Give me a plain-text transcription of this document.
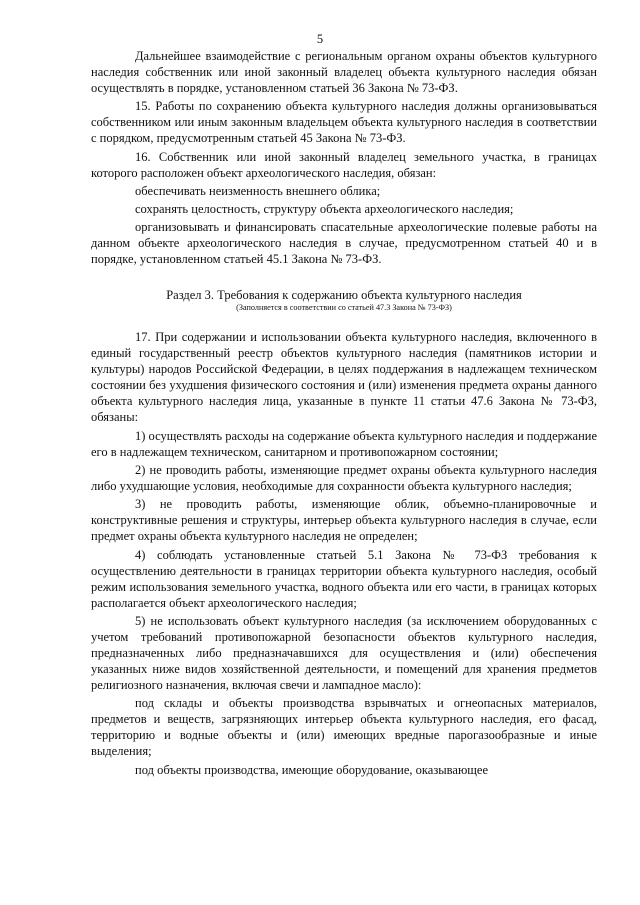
5

Дальнейшее взаимодействие с региональным органом охраны объектов культурного наследия собственник или иной законный владелец объекта культурного наследия обязан осуществлять в порядке, установленном статьей 36 Закона № 73-ФЗ.

15. Работы по сохранению объекта культурного наследия должны организовываться собственником или иным законным владельцем объекта культурного наследия в соответствии с порядком, предусмотренным статьей 45 Закона № 73-ФЗ.

16. Собственник или иной законный владелец земельного участка, в границах которого расположен объект археологического наследия, обязан:

обеспечивать неизменность внешнего облика;

сохранять целостность, структуру объекта археологического наследия;

организовывать и финансировать спасательные археологические полевые работы на данном объекте археологического наследия в случае, предусмотренном статьей 40 и в порядке, установленном статьей 45.1 Закона № 73-ФЗ.

Раздел 3. Требования к содержанию объекта культурного наследия
(Заполняется в соответствии со статьей 47.3 Закона № 73-ФЗ)

17. При содержании и использовании объекта культурного наследия, включенного в единый государственный реестр объектов культурного наследия (памятников истории и культуры) народов Российской Федерации, в целях поддержания в надлежащем техническом состоянии без ухудшения физического состояния и (или) изменения предмета охраны данного объекта культурного наследия лица, указанные в пункте 11 статьи 47.6 Закона № 73-ФЗ, обязаны:

1) осуществлять расходы на содержание объекта культурного наследия и поддержание его в надлежащем техническом, санитарном и противопожарном состоянии;

2) не проводить работы, изменяющие предмет охраны объекта культурного наследия либо ухудшающие условия, необходимые для сохранности объекта культурного наследия;

3) не проводить работы, изменяющие облик, объемно-планировочные и конструктивные решения и структуры, интерьер объекта культурного наследия в случае, если предмет охраны объекта культурного наследия не определен;

4) соблюдать установленные статьей 5.1 Закона № 73-ФЗ требования к осуществлению деятельности в границах территории объекта культурного наследия, особый режим использования земельного участка, водного объекта или его части, в границах которых располагается объект археологического наследия;

5) не использовать объект культурного наследия (за исключением оборудованных с учетом требований противопожарной безопасности объектов культурного наследия, предназначенных либо предназначавшихся для осуществления и (или) обеспечения указанных ниже видов хозяйственной деятельности, и помещений для хранения предметов религиозного назначения, включая свечи и лампадное масло):

под склады и объекты производства взрывчатых и огнеопасных материалов, предметов и веществ, загрязняющих интерьер объекта культурного наследия, его фасад, территорию и водные объекты и (или) имеющих вредные парогазообразные и иные выделения;

под объекты производства, имеющие оборудование, оказывающее
